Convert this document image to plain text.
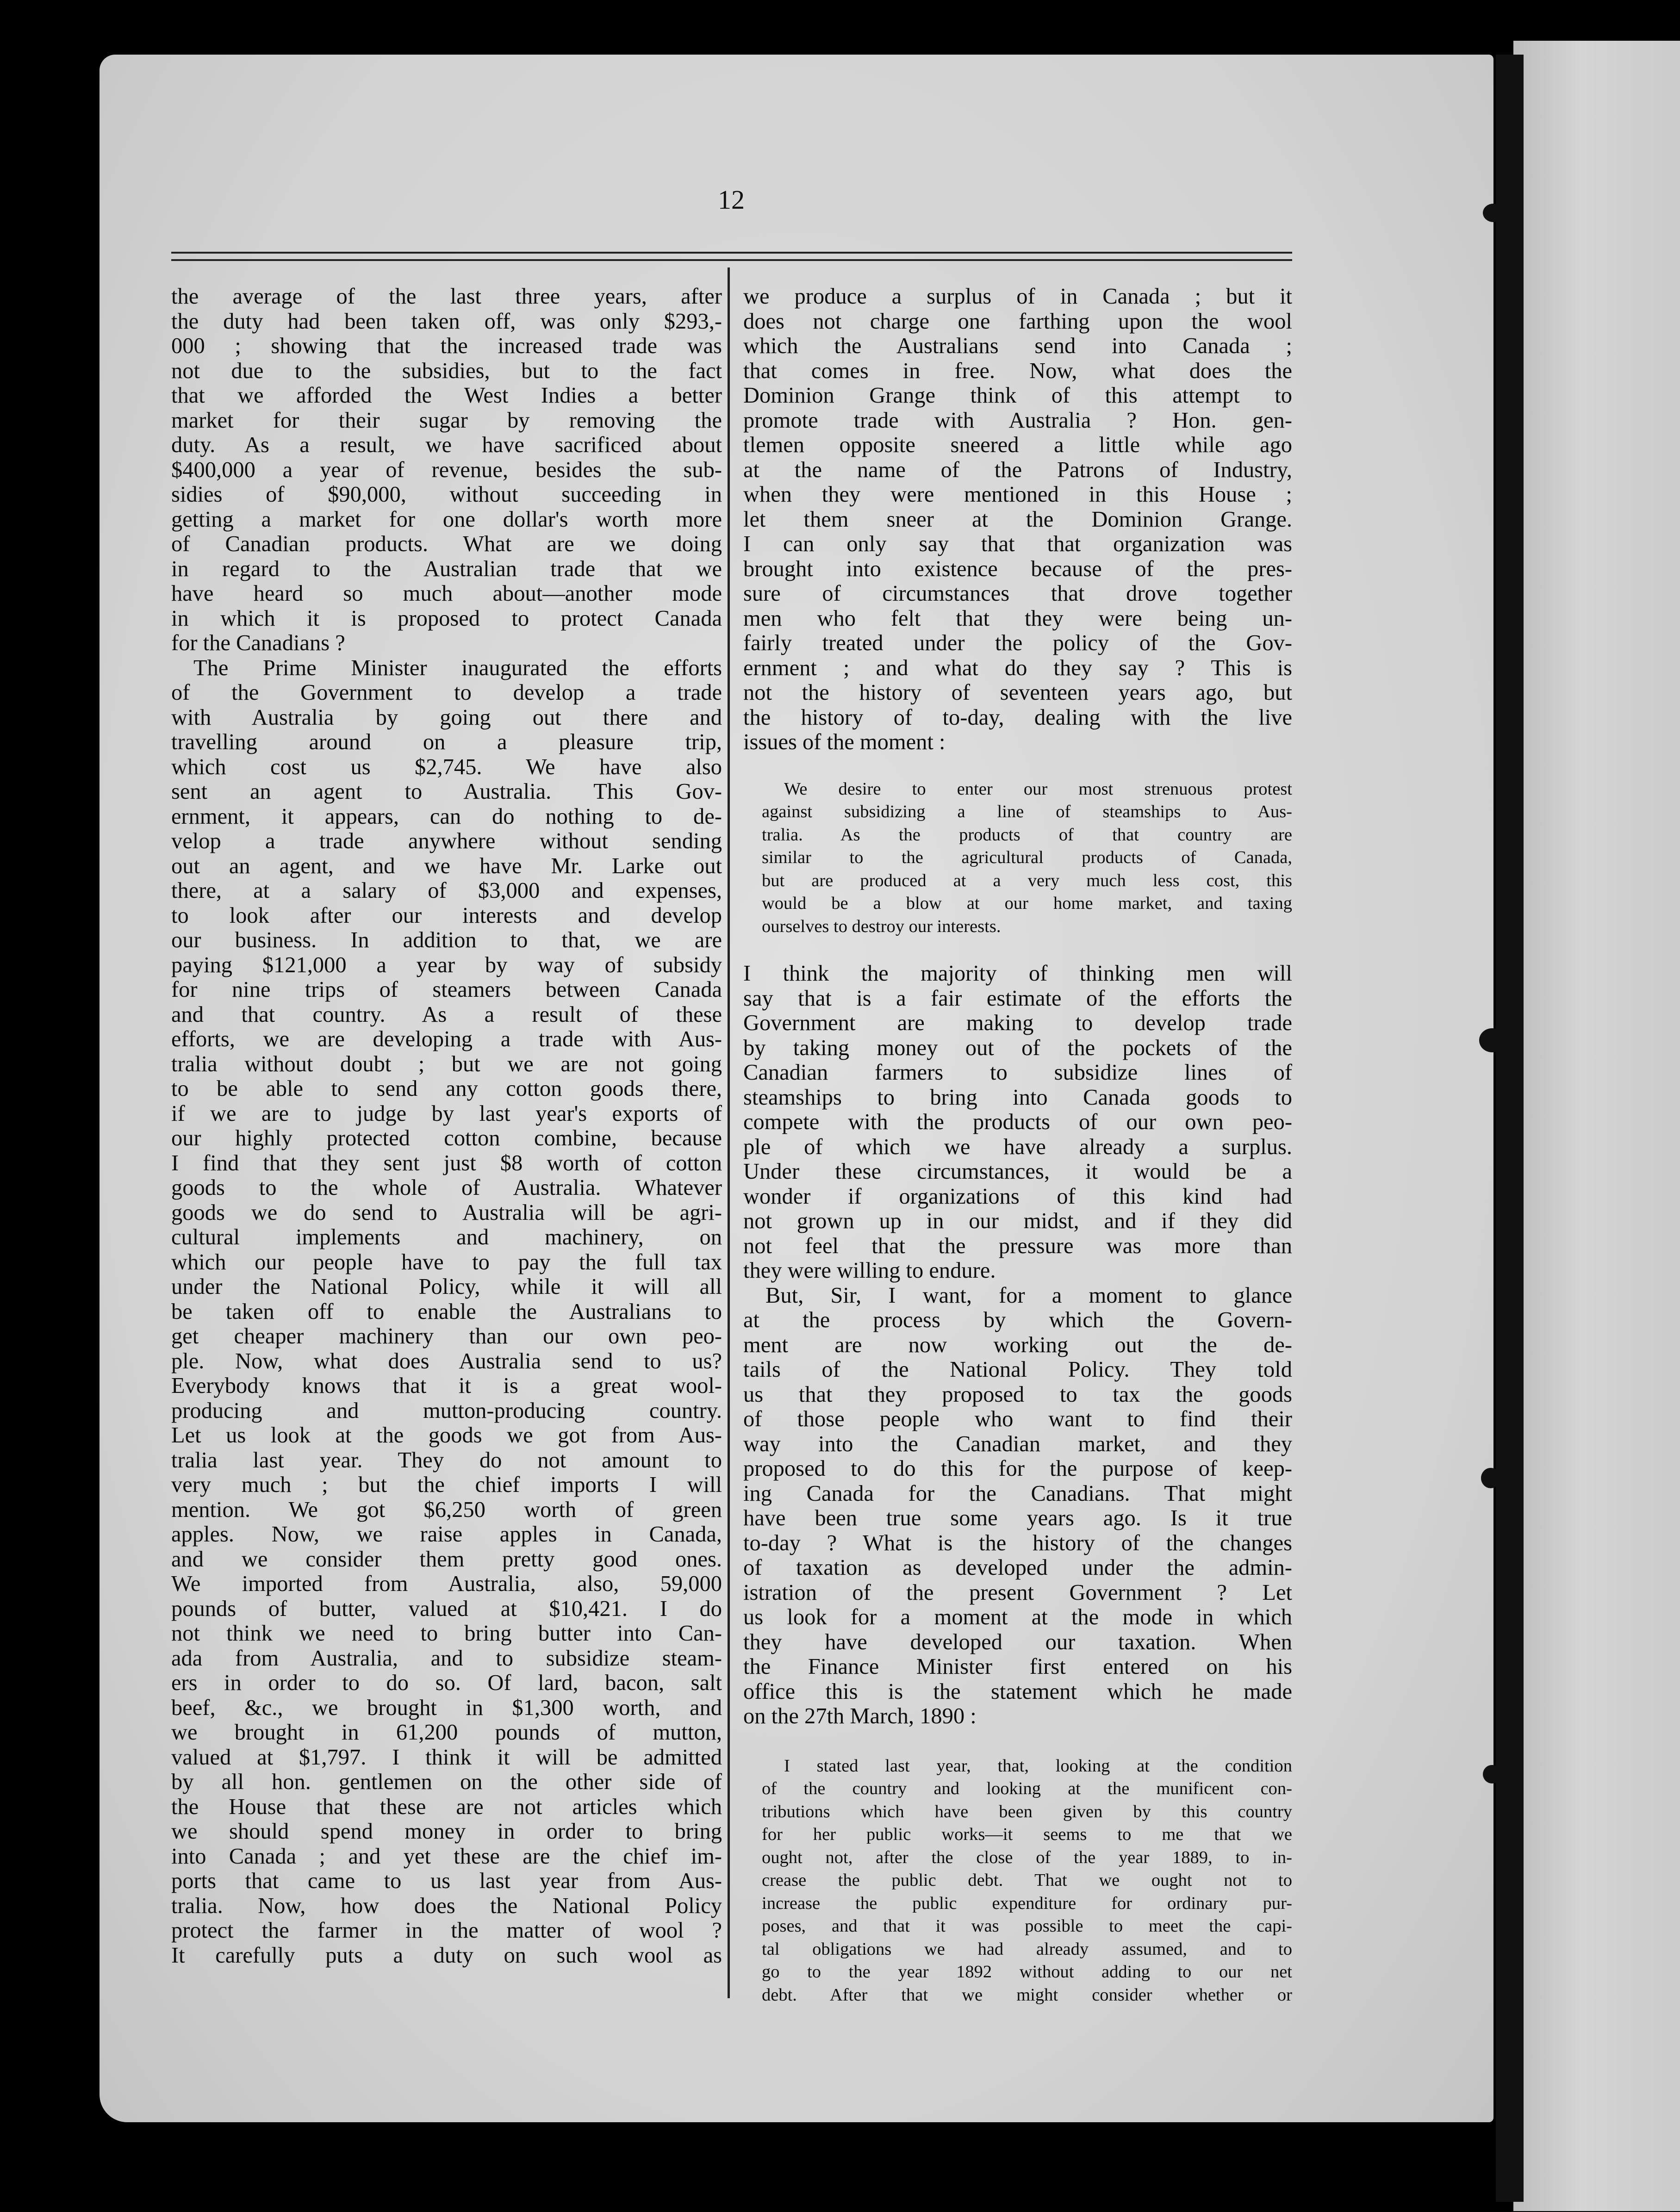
12
the average of the last three years, after
the duty had been taken off, was only $293,-
000 ; showing that the increased trade was
not due to the subsidies, but to the fact
that we afforded the West Indies a better
market for their sugar by removing the
duty. As a result, we have sacrificed about
$400,000 a year of revenue, besides the sub-
sidies of $90,000, without succeeding in
getting a market for one dollar's worth more
of Canadian products. What are we doing
in regard to the Australian trade that we
have heard so much about—another mode
in which it is proposed to protect Canada
for the Canadians ?
The Prime Minister inaugurated the efforts
of the Government to develop a trade
with Australia by going out there and
travelling around on a pleasure trip,
which cost us $2,745. We have also
sent an agent to Australia. This Gov-
ernment, it appears, can do nothing to de-
velop a trade anywhere without sending
out an agent, and we have Mr. Larke out
there, at a salary of $3,000 and expenses,
to look after our interests and develop
our business. In addition to that, we are
paying $121,000 a year by way of subsidy
for nine trips of steamers between Canada
and that country. As a result of these
efforts, we are developing a trade with Aus-
tralia without doubt ; but we are not going
to be able to send any cotton goods there,
if we are to judge by last year's exports of
our highly protected cotton combine, because
I find that they sent just $8 worth of cotton
goods to the whole of Australia. Whatever
goods we do send to Australia will be agri-
cultural implements and machinery, on
which our people have to pay the full tax
under the National Policy, while it will all
be taken off to enable the Australians to
get cheaper machinery than our own peo-
ple. Now, what does Australia send to us?
Everybody knows that it is a great wool-
producing and mutton-producing country.
Let us look at the goods we got from Aus-
tralia last year. They do not amount to
very much ; but the chief imports I will
mention. We got $6,250 worth of green
apples. Now, we raise apples in Canada,
and we consider them pretty good ones.
We imported from Australia, also, 59,000
pounds of butter, valued at $10,421. I do
not think we need to bring butter into Can-
ada from Australia, and to subsidize steam-
ers in order to do so. Of lard, bacon, salt
beef, &c., we brought in $1,300 worth, and
we brought in 61,200 pounds of mutton,
valued at $1,797. I think it will be admitted
by all hon. gentlemen on the other side of
the House that these are not articles which
we should spend money in order to bring
into Canada ; and yet these are the chief im-
ports that came to us last year from Aus-
tralia. Now, how does the National Policy
protect the farmer in the matter of wool ?
It carefully puts a duty on such wool as
we produce a surplus of in Canada ; but it
does not charge one farthing upon the wool
which the Australians send into Canada ;
that comes in free. Now, what does the
Dominion Grange think of this attempt to
promote trade with Australia ? Hon. gen-
tlemen opposite sneered a little while ago
at the name of the Patrons of Industry,
when they were mentioned in this House ;
let them sneer at the Dominion Grange.
I can only say that that organization was
brought into existence because of the pres-
sure of circumstances that drove together
men who felt that they were being un-
fairly treated under the policy of the Gov-
ernment ; and what do they say ? This is
not the history of seventeen years ago, but
the history of to-day, dealing with the live
issues of the moment :
We desire to enter our most strenuous protest
against subsidizing a line of steamships to Aus-
tralia. As the products of that country are
similar to the agricultural products of Canada,
but are produced at a very much less cost, this
would be a blow at our home market, and taxing
ourselves to destroy our interests.
I think the majority of thinking men will
say that is a fair estimate of the efforts the
Government are making to develop trade
by taking money out of the pockets of the
Canadian farmers to subsidize lines of
steamships to bring into Canada goods to
compete with the products of our own peo-
ple of which we have already a surplus.
Under these circumstances, it would be a
wonder if organizations of this kind had
not grown up in our midst, and if they did
not feel that the pressure was more than
they were willing to endure.
But, Sir, I want, for a moment to glance
at the process by which the Govern-
ment are now working out the de-
tails of the National Policy. They told
us that they proposed to tax the goods
of those people who want to find their
way into the Canadian market, and they
proposed to do this for the purpose of keep-
ing Canada for the Canadians. That might
have been true some years ago. Is it true
to-day ? What is the history of the changes
of taxation as developed under the admin-
istration of the present Government ? Let
us look for a moment at the mode in which
they have developed our taxation. When
the Finance Minister first entered on his
office this is the statement which he made
on the 27th March, 1890 :
I stated last year, that, looking at the condition
of the country and looking at the munificent con-
tributions which have been given by this country
for her public works—it seems to me that we
ought not, after the close of the year 1889, to in-
crease the public debt. That we ought not to
increase the public expenditure for ordinary pur-
poses, and that it was possible to meet the capi-
tal obligations we had already assumed, and to
go to the year 1892 without adding to our net
debt. After that we might consider whether or
